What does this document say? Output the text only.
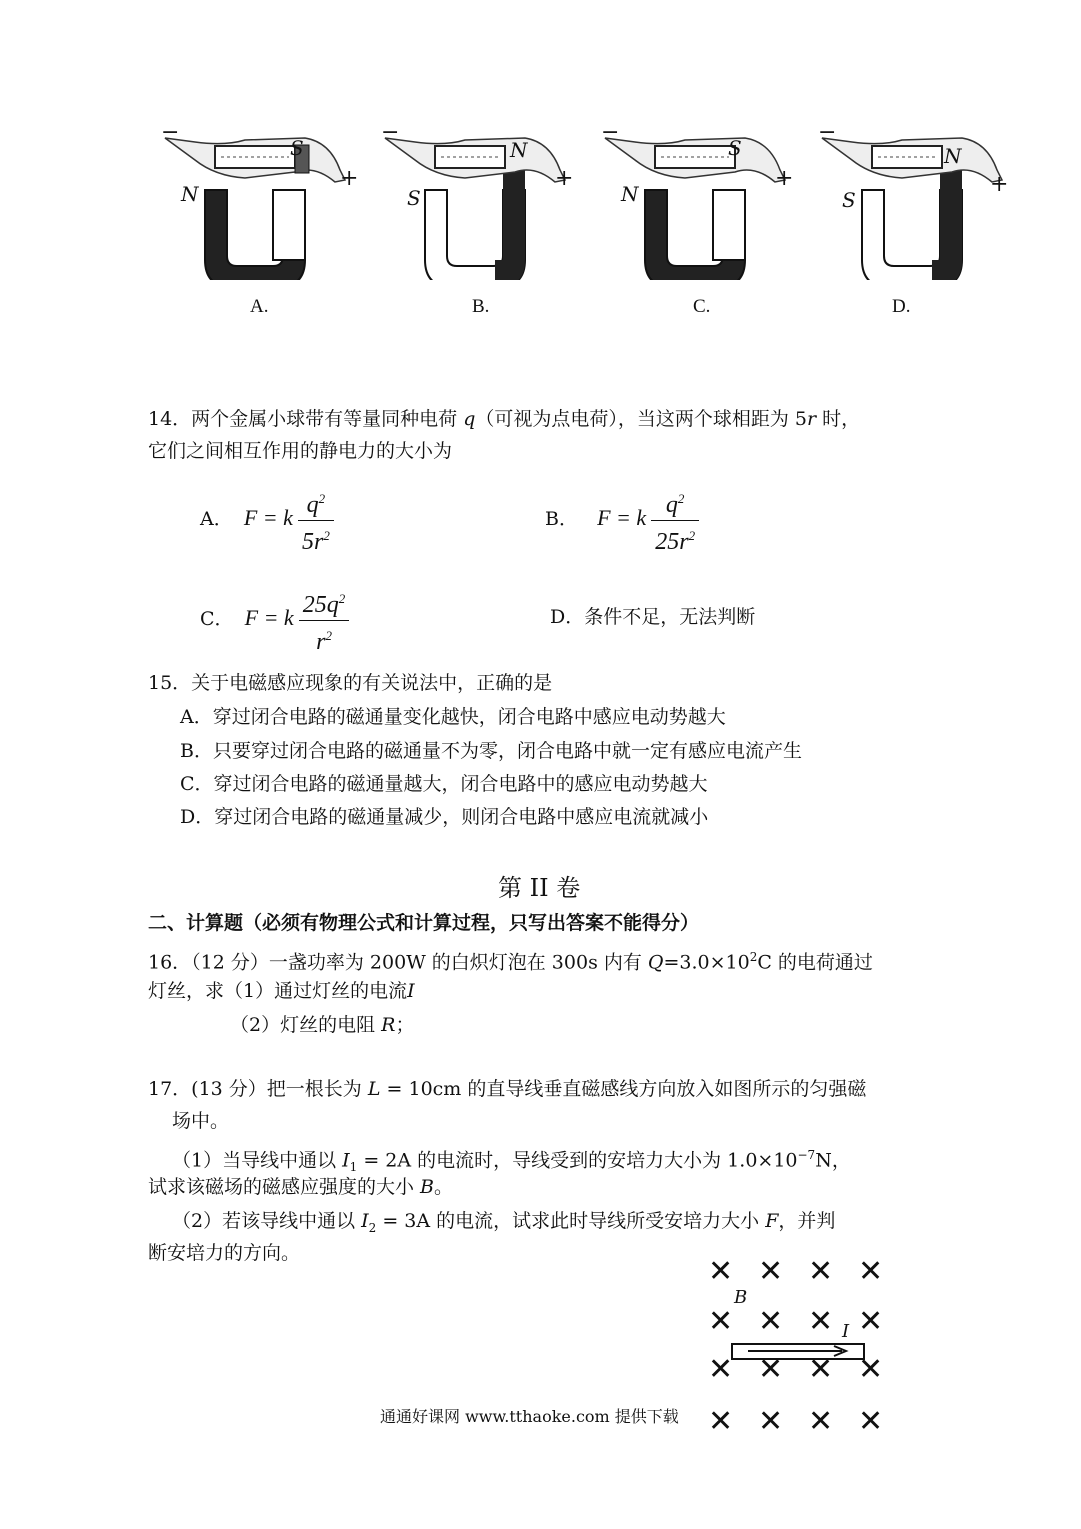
−
+
N
S
−
+
S
N
−
+
N
S
−
+
S
N
A.	B.	C.	D.
14．两个金属小球带有等量同种电荷 q（可视为点电荷），当这两个球相距为 5r 时，
它们之间相互作用的静电力的大小为
A． F = k $\frac{q^2}{5r^2}$	B． F = k $\frac{q^2}{25r^2}$
C． F = k $\frac{25q^2}{r^2}$	D．条件不足，无法判断
15．关于电磁感应现象的有关说法中，正确的是
A．穿过闭合电路的磁通量变化越快，闭合电路中感应电动势越大
B．只要穿过闭合电路的磁通量不为零，闭合电路中就一定有感应电流产生
C．穿过闭合电路的磁通量越大，闭合电路中的感应电动势越大
D．穿过闭合电路的磁通量减少，则闭合电路中感应电流就减小
第 II 卷
二、计算题（必须有物理公式和计算过程，只写出答案不能得分）
16．（12 分）一盏功率为 200W 的白炽灯泡在 300s 内有 $Q=3.0\times 10^2C$ 的电荷通过
灯丝，求（1）通过灯丝的电流I
（2）灯丝的电阻 R；
17．(13 分）把一根长为 L = 10cm 的直导线垂直磁感线方向放入如图所示的匀强磁
场中。
（1）当导线中通以 $I_1 = 2A$ 的电流时，导线受到的安培力大小为 $1.0\times 10^{-7}N$，
试求该磁场的磁感应强度的大小 B。
（2）若该导线中通以 $I_2 = 3A$ 的电流，试求此时导线所受安培力大小 F，并判
断安培力的方向。
✕ ✕ ✕ ✕
B
✕ ✕ ✕ ✕
I
✕ ✕ ✕ ✕
✕ ✕ ✕ ✕
通通好课网 www.tthaoke.com 提供下载
